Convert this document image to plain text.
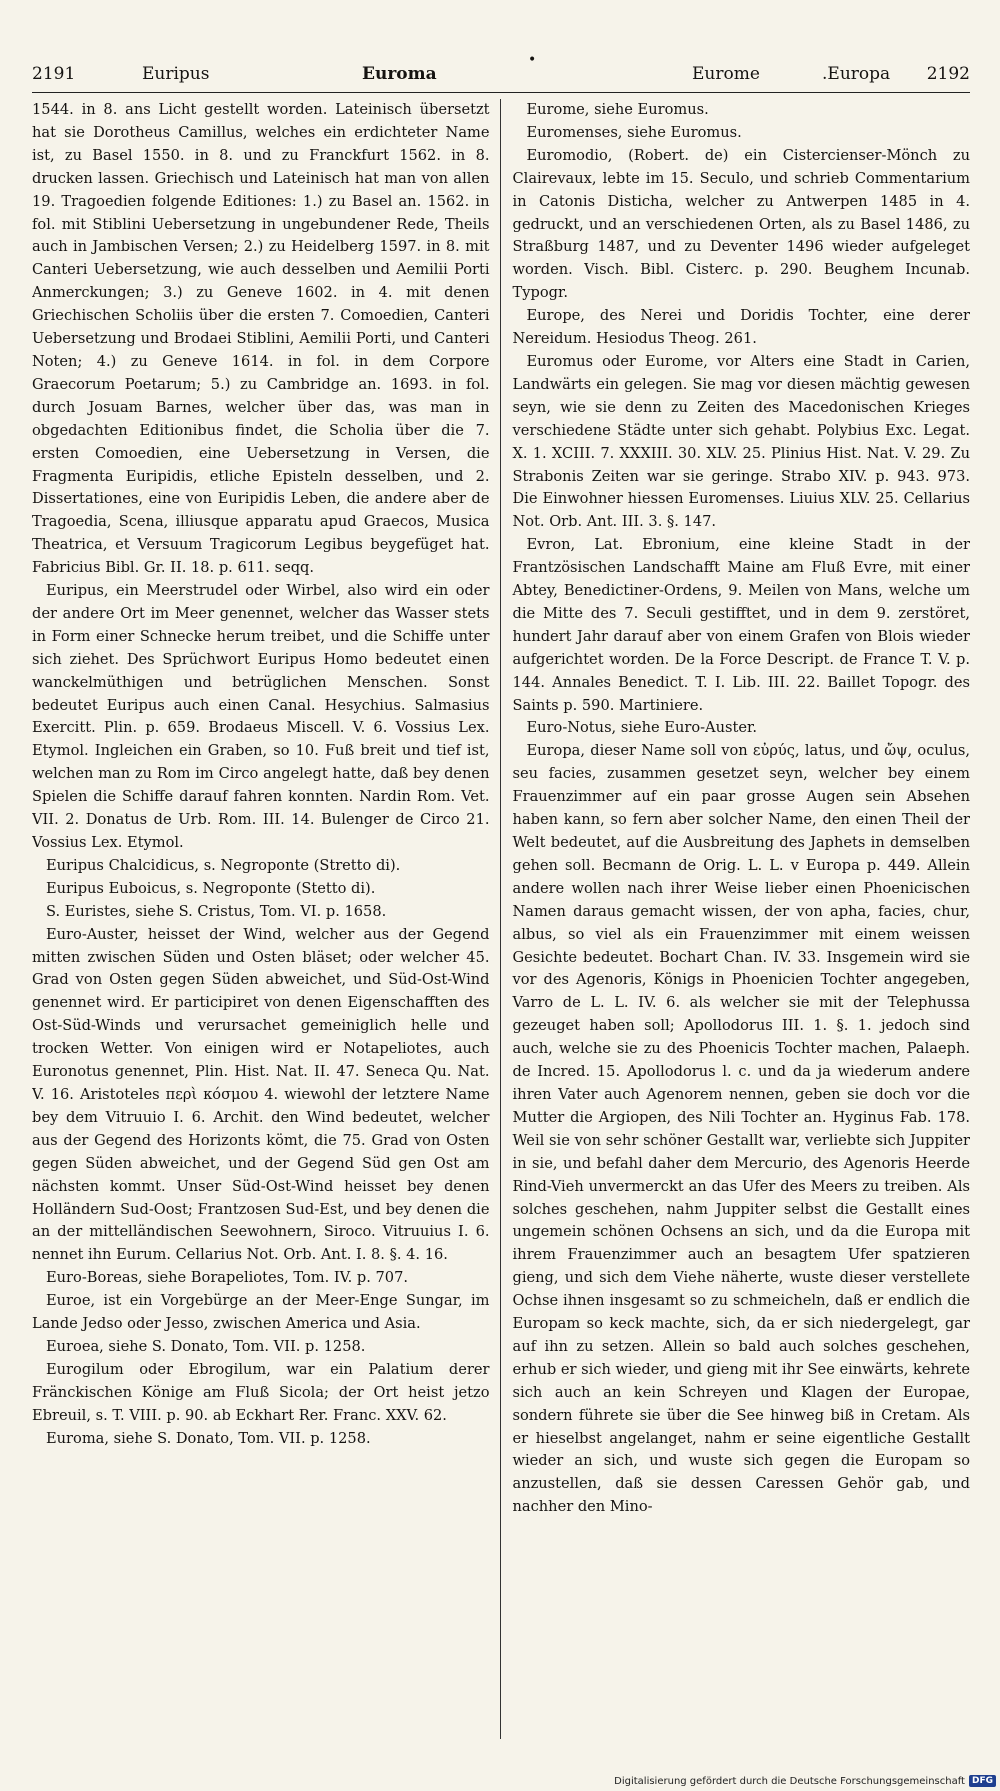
•
2191	Euripus	Euroma	Eurome	.Europa 2192

1544. in 8. ans Licht gestellt worden. Lateinisch übersetzt hat sie Dorotheus Camillus, welches ein erdichteter Name ist, zu Basel 1550. in 8. und zu Franckfurt 1562. in 8. drucken lassen. Griechisch und Lateinisch hat man von allen 19. Tragoedien folgende Editiones: 1.) zu Basel an. 1562. in fol. mit Stiblini Uebersetzung in ungebundener Rede, Theils auch in Jambischen Versen; 2.) zu Heidelberg 1597. in 8. mit Canteri Uebersetzung, wie auch desselben und Aemilii Porti Anmerckungen; 3.) zu Geneve 1602. in 4. mit denen Griechischen Scholiis über die ersten 7. Comoedien, Canteri Uebersetzung und Brodaei Stiblini, Aemilii Porti, und Canteri Noten; 4.) zu Geneve 1614. in fol. in dem Corpore Graecorum Poetarum; 5.) zu Cambridge an. 1693. in fol. durch Josuam Barnes, welcher über das, was man in obgedachten Editionibus findet, die Scholia über die 7. ersten Comoedien, eine Uebersetzung in Versen, die Fragmenta Euripidis, etliche Episteln desselben, und 2. Dissertationes, eine von Euripidis Leben, die andere aber de Tragoedia, Scena, illiusque apparatu apud Graecos, Musica Theatrica, et Versuum Tragicorum Legibus beygefüget hat. Fabricius Bibl. Gr. II. 18. p. 611. seqq.

Euripus, ein Meerstrudel oder Wirbel, also wird ein oder der andere Ort im Meer genennet, welcher das Wasser stets in Form einer Schnecke herum treibet, und die Schiffe unter sich ziehet. Des Sprüchwort Euripus Homo bedeutet einen wanckelmüthigen und betrüglichen Menschen. Sonst bedeutet Euripus auch einen Canal. Hesychius. Salmasius Exercitt. Plin. p. 659. Brodaeus Miscell. V. 6. Vossius Lex. Etymol. Ingleichen ein Graben, so 10. Fuß breit und tief ist, welchen man zu Rom im Circo angelegt hatte, daß bey denen Spielen die Schiffe darauf fahren konnten. Nardin Rom. Vet. VII. 2. Donatus de Urb. Rom. III. 14. Bulenger de Circo 21. Vossius Lex. Etymol.

Euripus Chalcidicus, s. Negroponte (Stretto di).

Euripus Euboicus, s. Negroponte (Stetto di).

S. Euristes, siehe S. Cristus, Tom. VI. p. 1658.

Euro-Auster, heisset der Wind, welcher aus der Gegend mitten zwischen Süden und Osten bläset; oder welcher 45. Grad von Osten gegen Süden abweichet, und Süd-Ost-Wind genennet wird. Er participiret von denen Eigenschafften des Ost-Süd-Winds und verursachet gemeiniglich helle und trocken Wetter. Von einigen wird er Notapeliotes, auch Euronotus genennet, Plin. Hist. Nat. II. 47. Seneca Qu. Nat. V. 16. Aristoteles περὶ κόσμου 4. wiewohl der letztere Name bey dem Vitruuio I. 6. Archit. den Wind bedeutet, welcher aus der Gegend des Horizonts kömt, die 75. Grad von Osten gegen Süden abweichet, und der Gegend Süd gen Ost am nächsten kommt. Unser Süd-Ost-Wind heisset bey denen Holländern Sud-Oost; Frantzosen Sud-Est, und bey denen die an der mittelländischen Seewohnern, Siroco. Vitruuius I. 6. nennet ihn Eurum. Cellarius Not. Orb. Ant. I. 8. §. 4. 16.

Euro-Boreas, siehe Borapeliotes, Tom. IV. p. 707.

Euroe, ist ein Vorgebürge an der Meer-Enge Sungar, im Lande Jedso oder Jesso, zwischen America und Asia.

Euroea, siehe S. Donato, Tom. VII. p. 1258.

Eurogilum oder Ebrogilum, war ein Palatium derer Fränckischen Könige am Fluß Sicola; der Ort heist jetzo Ebreuil, s. T. VIII. p. 90. ab Eckhart Rer. Franc. XXV. 62.

Euroma, siehe S. Donato, Tom. VII. p. 1258.

Eurome, siehe Euromus.

Euromenses, siehe Euromus.

Euromodio, (Robert. de) ein Cistercienser-Mönch zu Clairevaux, lebte im 15. Seculo, und schrieb Commentarium in Catonis Disticha, welcher zu Antwerpen 1485 in 4. gedruckt, und an verschiedenen Orten, als zu Basel 1486, zu Straßburg 1487, und zu Deventer 1496 wieder aufgeleget worden. Visch. Bibl. Cisterc. p. 290. Beughem Incunab. Typogr.

Europe, des Nerei und Doridis Tochter, eine derer Nereidum. Hesiodus Theog. 261.

Euromus oder Eurome, vor Alters eine Stadt in Carien, Landwärts ein gelegen. Sie mag vor diesen mächtig gewesen seyn, wie sie denn zu Zeiten des Macedonischen Krieges verschiedene Städte unter sich gehabt. Polybius Exc. Legat. X. 1. XCIII. 7. XXXIII. 30. XLV. 25. Plinius Hist. Nat. V. 29. Zu Strabonis Zeiten war sie geringe. Strabo XIV. p. 943. 973. Die Einwohner hiessen Euromenses. Liuius XLV. 25. Cellarius Not. Orb. Ant. III. 3. §. 147.

Evron, Lat. Ebronium, eine kleine Stadt in der Frantzösischen Landschafft Maine am Fluß Evre, mit einer Abtey, Benedictiner-Ordens, 9. Meilen von Mans, welche um die Mitte des 7. Seculi gestifftet, und in dem 9. zerstöret, hundert Jahr darauf aber von einem Grafen von Blois wieder aufgerichtet worden. De la Force Descript. de France T. V. p. 144. Annales Benedict. T. I. Lib. III. 22. Baillet Topogr. des Saints p. 590. Martiniere.

Euro-Notus, siehe Euro-Auster.

Europa, dieser Name soll von εὐρύς, latus, und ὤψ, oculus, seu facies, zusammen gesetzet seyn, welcher bey einem Frauenzimmer auf ein paar grosse Augen sein Absehen haben kann, so fern aber solcher Name, den einen Theil der Welt bedeutet, auf die Ausbreitung des Japhets in demselben gehen soll. Becmann de Orig. L. L. v Europa p. 449. Allein andere wollen nach ihrer Weise lieber einen Phoenicischen Namen daraus gemacht wissen, der von apha, facies, chur, albus, so viel als ein Frauenzimmer mit einem weissen Gesichte bedeutet. Bochart Chan. IV. 33. Insgemein wird sie vor des Agenoris, Königs in Phoenicien Tochter angegeben, Varro de L. L. IV. 6. als welcher sie mit der Telephussa gezeuget haben soll; Apollodorus III. 1. §. 1. jedoch sind auch, welche sie zu des Phoenicis Tochter machen, Palaeph. de Incred. 15. Apollodorus l. c. und da ja wiederum andere ihren Vater auch Agenorem nennen, geben sie doch vor die Mutter die Argiopen, des Nili Tochter an. Hyginus Fab. 178. Weil sie von sehr schöner Gestallt war, verliebte sich Juppiter in sie, und befahl daher dem Mercurio, des Agenoris Heerde Rind-Vieh unvermerckt an das Ufer des Meers zu treiben. Als solches geschehen, nahm Juppiter selbst die Gestallt eines ungemein schönen Ochsens an sich, und da die Europa mit ihrem Frauenzimmer auch an besagtem Ufer spatzieren gieng, und sich dem Viehe näherte, wuste dieser verstellete Ochse ihnen insgesamt so zu schmeicheln, daß er endlich die Europam so keck machte, sich, da er sich niedergelegt, gar auf ihn zu setzen. Allein so bald auch solches geschehen, erhub er sich wieder, und gieng mit ihr See einwärts, kehrete sich auch an kein Schreyen und Klagen der Europae, sondern führete sie über die See hinweg biß in Cretam. Als er hieselbst angelanget, nahm er seine eigentliche Gestallt wieder an sich, und wuste sich gegen die Europam so anzustellen, daß sie dessen Caressen Gehör gab, und nachher den Mino-

Digitalisierung gefördert durch die Deutsche Forschungsgemeinschaft DFG
